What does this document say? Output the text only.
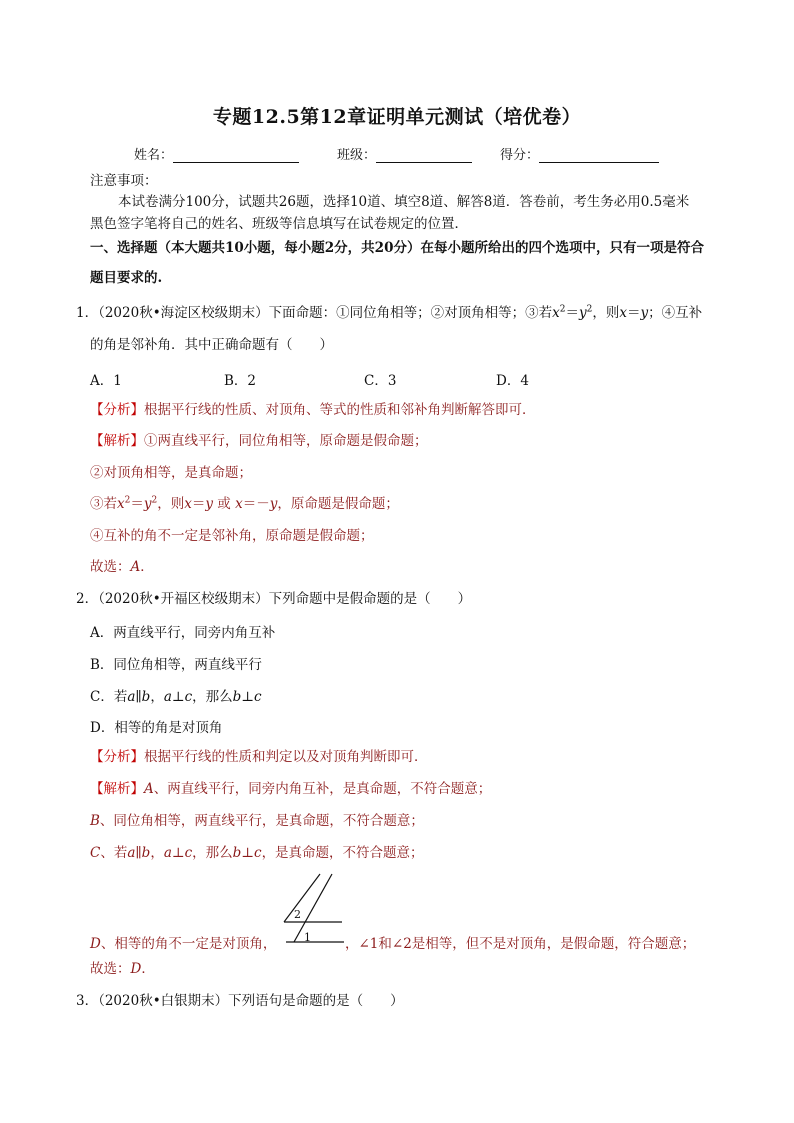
专题12.5第12章证明单元测试（培优卷）
姓名：	班级：	得分：
注意事项：
本试卷满分100分，试题共26题，选择10道、填空8道、解答8道．答卷前，考生务必用0.5毫米
黑色签字笔将自己的姓名、班级等信息填写在试卷规定的位置．
一、选择题（本大题共10小题，每小题2分，共20分）在每小题所给出的四个选项中，只有一项是符合
题目要求的.
1．（2020秋•海淀区校级期末）下面命题：①同位角相等；②对顶角相等；③若$x^2=y^2$，则x＝y；④互补
的角是邻补角．其中正确命题有（　　）
A．1	B．2	C．3	D．4
【分析】根据平行线的性质、对顶角、等式的性质和邻补角判断解答即可．
【解析】①两直线平行，同位角相等，原命题是假命题；
②对顶角相等，是真命题；
③若$x^2=y^2$，则x＝y 或 x＝－y，原命题是假命题；
④互补的角不一定是邻补角，原命题是假命题；
故选：A．
2．（2020秋•开福区校级期末）下列命题中是假命题的是（　　）
A．两直线平行，同旁内角互补
B．同位角相等，两直线平行
C．若a∥b，a⊥c，那么b⊥c
D．相等的角是对顶角
【分析】根据平行线的性质和判定以及对顶角判断即可．
【解析】A、两直线平行，同旁内角互补，是真命题，不符合题意；
B、同位角相等，两直线平行，是真命题，不符合题意；
C、若a∥b，a⊥c，那么b⊥c，是真命题，不符合题意；
1
2
D、相等的角不一定是对顶角，	，∠1和∠2是相等，但不是对顶角，是假命题，符合题意；
故选：D．
3．（2020秋•白银期末）下列语句是命题的是（　　）
